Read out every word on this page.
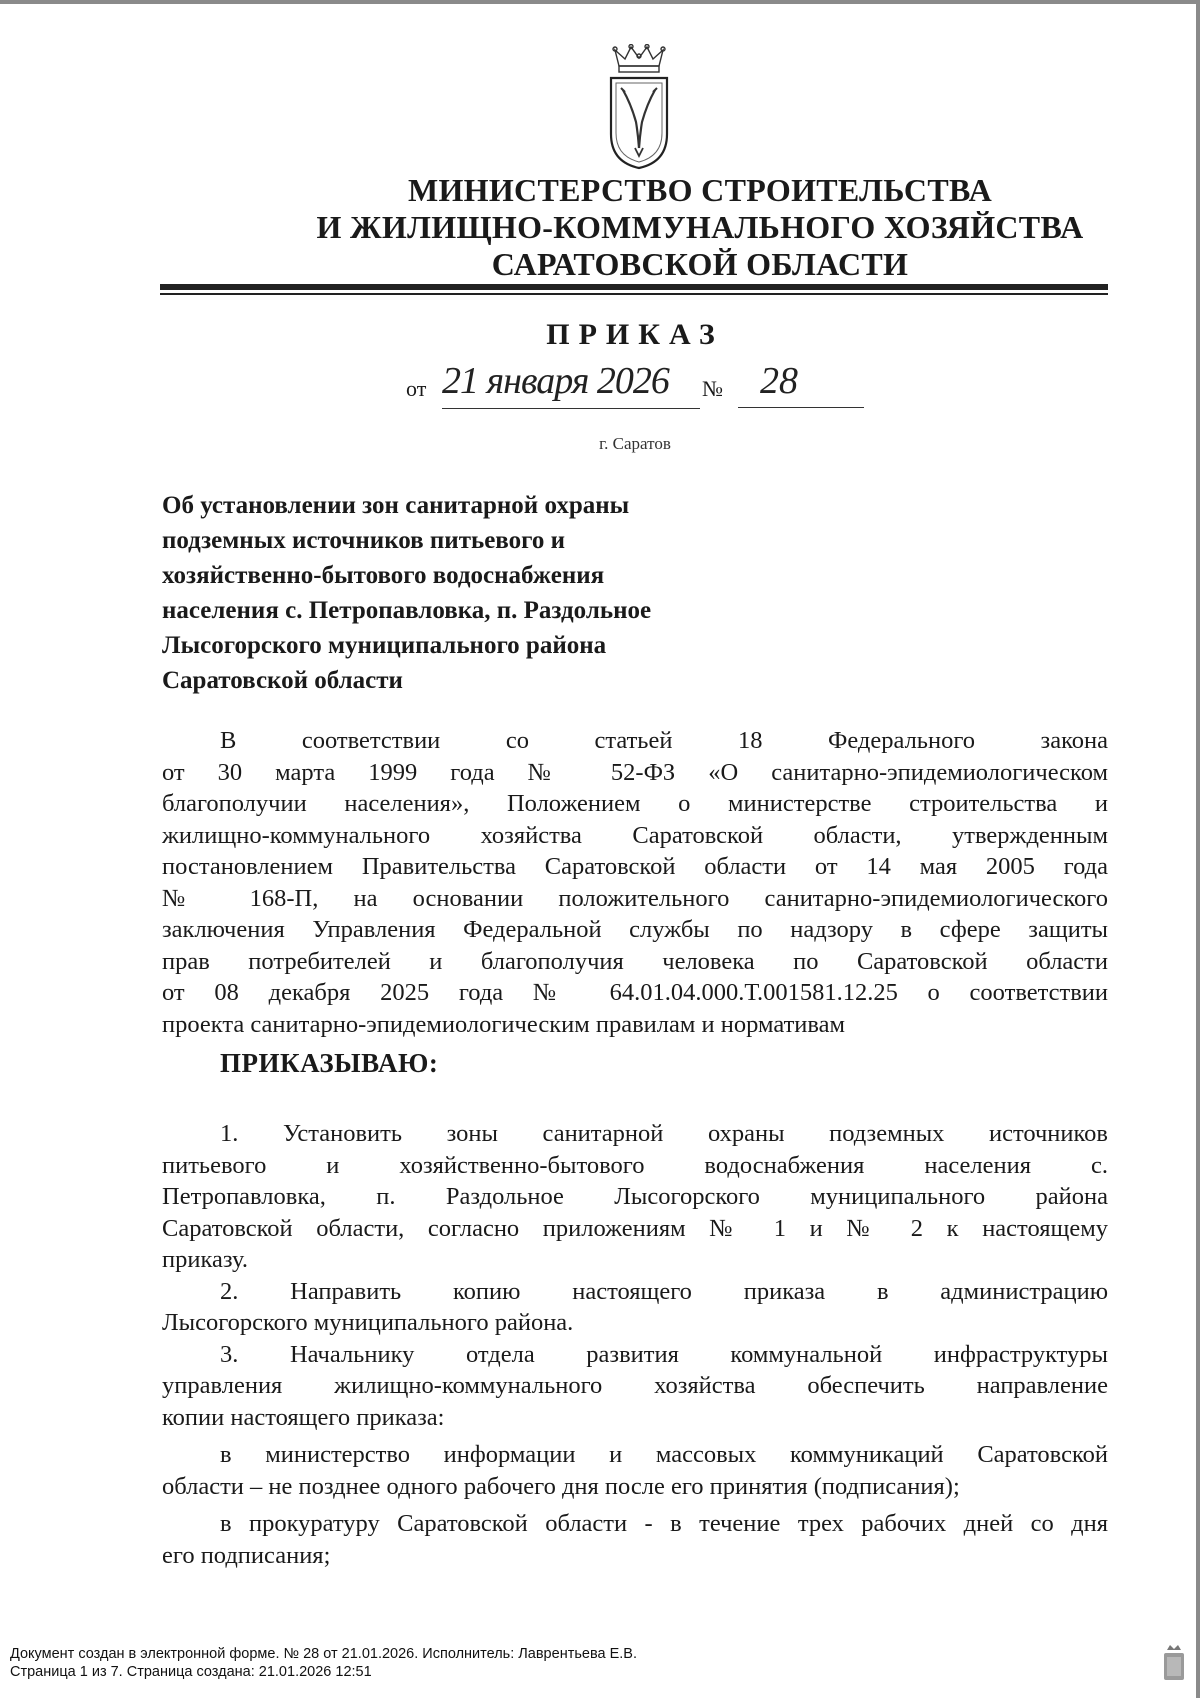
МИНИСТЕРСТВО СТРОИТЕЛЬСТВА
И ЖИЛИЩНО-КОММУНАЛЬНОГО ХОЗЯЙСТВА
САРАТОВСКОЙ ОБЛАСТИ
ПРИКАЗ
от 21 января 2026	№ 28
г. Саратов
Об установлении зон санитарной охраны
подземных источников питьевого и
хозяйственно-бытового водоснабжения
населения с. Петропавловка, п. Раздольное
Лысогорского муниципального района
Саратовской области

В соответствии со статьей 18 Федерального закона

от 30 марта 1999 года № 52-ФЗ «О санитарно-эпидемиологическом

благополучии населения», Положением о министерстве строительства и

жилищно-коммунального хозяйства Саратовской области, утвержденным

постановлением Правительства Саратовской области от 14 мая 2005 года

№ 168-П, на основании положительного санитарно-эпидемиологического

заключения Управления Федеральной службы по надзору в сфере защиты

прав потребителей и благополучия человека по Саратовской области

от 08 декабря 2025 года № 64.01.04.000.Т.001581.12.25 о соответствии

проекта санитарно-эпидемиологическим правилам и нормативам

ПРИКАЗЫВАЮ:

1. Установить зоны санитарной охраны подземных источников

питьевого и хозяйственно-бытового водоснабжения населения с.

Петропавловка, п. Раздольное Лысогорского муниципального района

Саратовской области, согласно приложениям № 1 и № 2 к настоящему

приказу.

2. Направить копию настоящего приказа в администрацию

Лысогорского муниципального района.

3. Начальнику отдела развития коммунальной инфраструктуры

управления жилищно-коммунального хозяйства обеспечить направление

копии настоящего приказа:

в министерство информации и массовых коммуникаций Саратовской

области – не позднее одного рабочего дня после его принятия (подписания);

в прокуратуру Саратовской области - в течение трех рабочих дней со дня

его подписания;

Документ создан в электронной форме. № 28 от 21.01.2026. Исполнитель: Лаврентьева Е.В.
Страница 1 из 7. Страница создана: 21.01.2026 12:51
